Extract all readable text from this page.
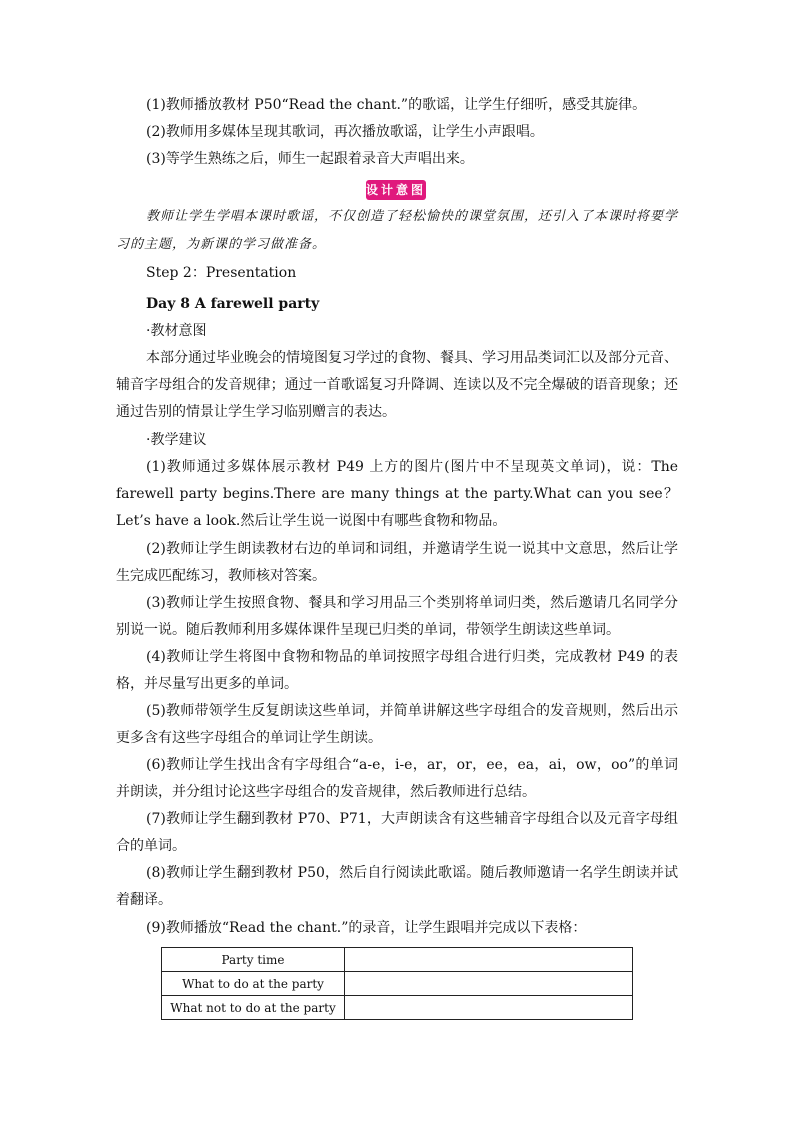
(1)教师播放教材 P50“Read the chant.”的歌谣，让学生仔细听，感受其旋律。
(2)教师用多媒体呈现其歌词，再次播放歌谣，让学生小声跟唱。
(3)等学生熟练之后，师生一起跟着录音大声唱出来。
设计意图
教师让学生学唱本课时歌谣，不仅创造了轻松愉快的课堂氛围，还引入了本课时将要学习的主题，为新课的学习做准备。
Step 2：Presentation
Day 8 A farewell party
·教材意图
本部分通过毕业晚会的情境图复习学过的食物、餐具、学习用品类词汇以及部分元音、辅音字母组合的发音规律；通过一首歌谣复习升降调、连读以及不完全爆破的语音现象；还通过告别的情景让学生学习临别赠言的表达。
·教学建议
(1)教师通过多媒体展示教材 P49 上方的图片(图片中不呈现英文单词)，说：The farewell party begins.There are many things at the party.What can you see？Let’s have a look.然后让学生说一说图中有哪些食物和物品。
(2)教师让学生朗读教材右边的单词和词组，并邀请学生说一说其中文意思，然后让学生完成匹配练习，教师核对答案。
(3)教师让学生按照食物、餐具和学习用品三个类别将单词归类，然后邀请几名同学分别说一说。随后教师利用多媒体课件呈现已归类的单词，带领学生朗读这些单词。
(4)教师让学生将图中食物和物品的单词按照字母组合进行归类，完成教材 P49 的表格，并尽量写出更多的单词。
(5)教师带领学生反复朗读这些单词，并简单讲解这些字母组合的发音规则，然后出示更多含有这些字母组合的单词让学生朗读。
(6)教师让学生找出含有字母组合“a-e，i-e，ar，or，ee，ea，ai，ow，oo”的单词并朗读，并分组讨论这些字母组合的发音规律，然后教师进行总结。
(7)教师让学生翻到教材 P70、P71，大声朗读含有这些辅音字母组合以及元音字母组合的单词。
(8)教师让学生翻到教材 P50，然后自行阅读此歌谣。随后教师邀请一名学生朗读并试着翻译。
(9)教师播放“Read the chant.”的录音，让学生跟唱并完成以下表格：
Party time	
What to do at the party	
What not to do at the party	
